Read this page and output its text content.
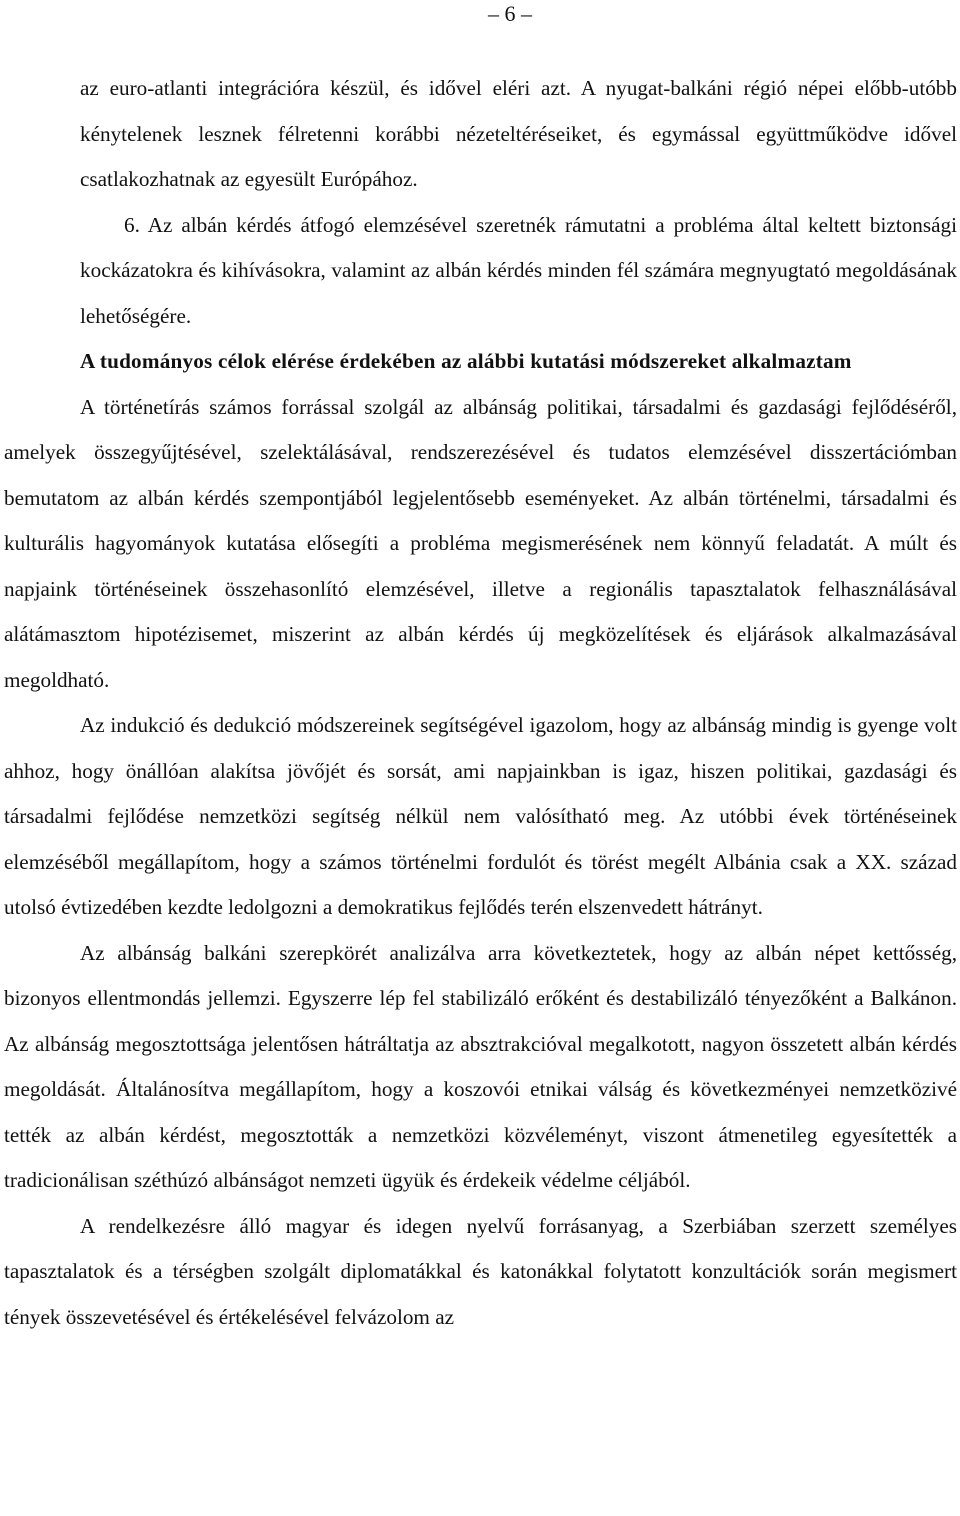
– 6 –

az euro-atlanti integrációra készül, és idővel eléri azt. A nyugat-balkáni régió népei előbb-utóbb kénytelenek lesznek félretenni korábbi nézeteltéréseiket, és egymással együttműködve idővel csatlakozhatnak az egyesült Európához.

6. Az albán kérdés átfogó elemzésével szeretnék rámutatni a probléma által keltett biztonsági kockázatokra és kihívásokra, valamint az albán kérdés minden fél számára megnyugtató megoldásának lehetőségére.

A tudományos célok elérése érdekében az alábbi kutatási módszereket alkalmaztam

A történetírás számos forrással szolgál az albánság politikai, társadalmi és gazdasági fejlődéséről, amelyek összegyűjtésével, szelektálásával, rendszerezésével és tudatos elemzésével disszertációmban bemutatom az albán kérdés szempontjából legjelentősebb eseményeket. Az albán történelmi, társadalmi és kulturális hagyományok kutatása elősegíti a probléma megismerésének nem könnyű feladatát. A múlt és napjaink történéseinek összehasonlító elemzésével, illetve a regionális tapasztalatok felhasználásával alátámasztom hipotézisemet, miszerint az albán kérdés új megközelítések és eljárások alkalmazásával megoldható.

Az indukció és dedukció módszereinek segítségével igazolom, hogy az albánság mindig is gyenge volt ahhoz, hogy önállóan alakítsa jövőjét és sorsát, ami napjainkban is igaz, hiszen politikai, gazdasági és társadalmi fejlődése nemzetközi segítség nélkül nem valósítható meg. Az utóbbi évek történéseinek elemzéséből megállapítom, hogy a számos történelmi fordulót és törést megélt Albánia csak a XX. század utolsó évtizedében kezdte ledolgozni a demokratikus fejlődés terén elszenvedett hátrányt.

Az albánság balkáni szerepkörét analizálva arra következtetek, hogy az albán népet kettősség, bizonyos ellentmondás jellemzi. Egyszerre lép fel stabilizáló erőként és destabilizáló tényezőként a Balkánon. Az albánság megosztottsága jelentősen hátráltatja az absztrakcióval megalkotott, nagyon összetett albán kérdés megoldását. Általánosítva megállapítom, hogy a koszovói etnikai válság és következményei nemzetközivé tették az albán kérdést, megosztották a nemzetközi közvéleményt, viszont átmenetileg egyesítették a tradicionálisan széthúzó albánságot nemzeti ügyük és érdekeik védelme céljából.

A rendelkezésre álló magyar és idegen nyelvű forrásanyag, a Szerbiában szerzett személyes tapasztalatok és a térségben szolgált diplomatákkal és katonákkal folytatott konzultációk során megismert tények összevetésével és értékelésével felvázolom az
